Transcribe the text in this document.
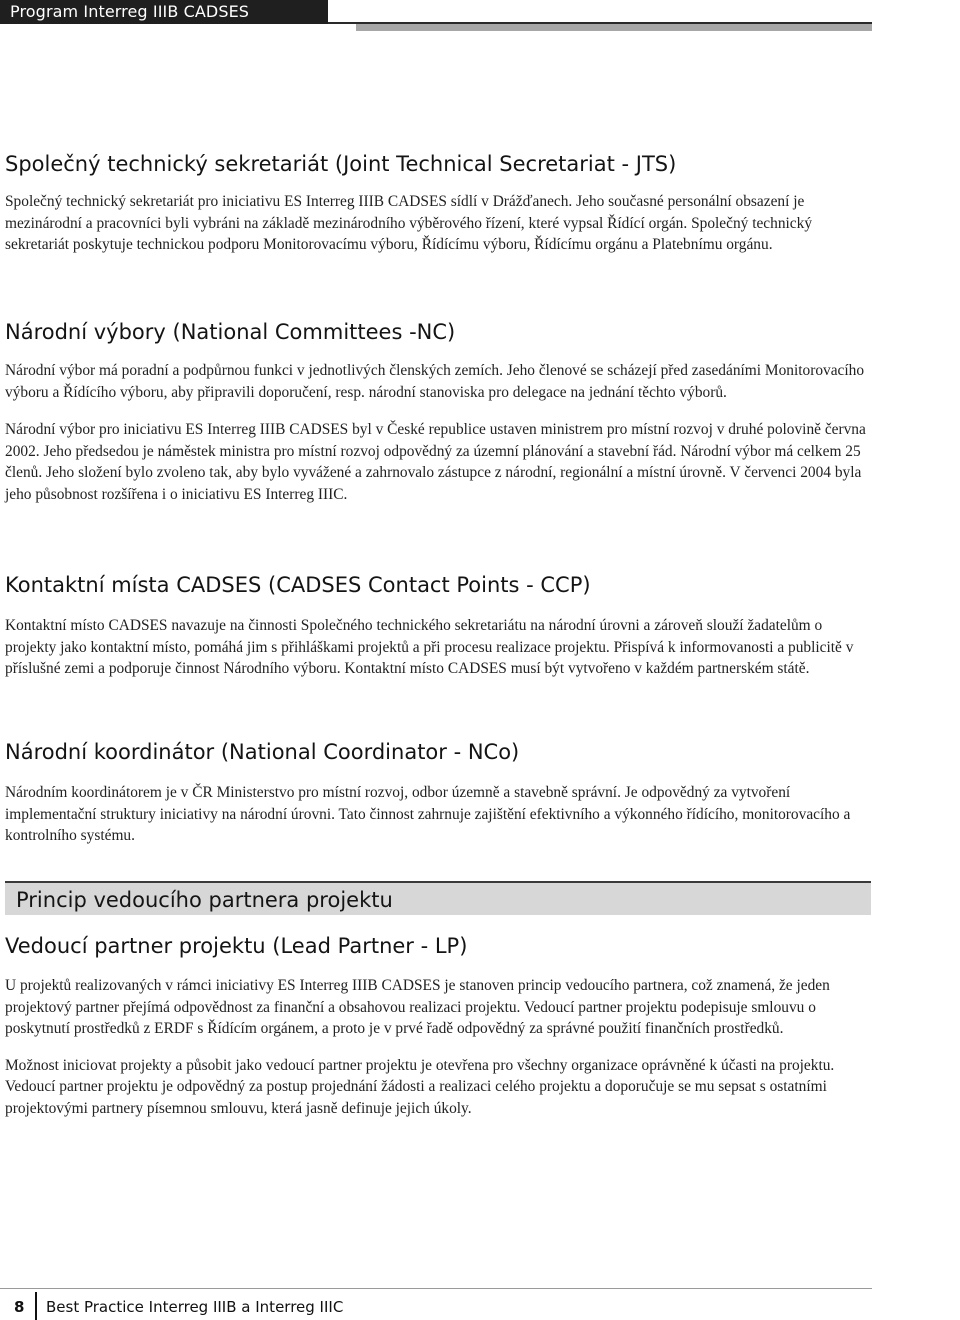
Program Interreg IIIB CADSES
Společný technický sekretariát (Joint Technical Secretariat - JTS)

Společný technický sekretariát pro iniciativu ES Interreg IIIB CADSES sídlí v Drážďanech. Jeho současné personální obsazení je mezinárodní a pracovníci byli vybráni na základě mezinárodního výběrového řízení, které vypsal Řídící orgán. Společný technický sekretariát poskytuje technickou podporu Monitorovacímu výboru, Řídícímu výboru, Řídícímu orgánu a Platebnímu orgánu.

Národní výbory (National Committees -NC)

Národní výbor má poradní a podpůrnou funkci v jednotlivých členských zemích. Jeho členové se scházejí před zasedáními Monitorovacího výboru a Řídícího výboru, aby připravili doporučení, resp. národní stanoviska pro delegace na jednání těchto výborů.

Národní výbor pro iniciativu ES Interreg IIIB CADSES byl v České republice ustaven ministrem pro místní rozvoj v druhé polovině června 2002. Jeho předsedou je náměstek ministra pro místní rozvoj odpovědný za územní plánování a stavební řád. Národní výbor má celkem 25 členů. Jeho složení bylo zvoleno tak, aby bylo vyvážené a zahrnovalo zástupce z národní, regionální a místní úrovně. V červenci 2004 byla jeho působnost rozšířena i o iniciativu ES Interreg IIIC.

Kontaktní místa CADSES (CADSES Contact Points - CCP)

Kontaktní místo CADSES navazuje na činnosti Společného technického sekretariátu na národní úrovni a zároveň slouží žadatelům o projekty jako kontaktní místo, pomáhá jim s přihláškami projektů a při procesu realizace projektu. Přispívá k informovanosti a publicitě v příslušné zemi a podporuje činnost Národního výboru. Kontaktní místo CADSES musí být vytvořeno v každém partnerském státě.

Národní koordinátor (National Coordinator - NCo)

Národním koordinátorem je v ČR Ministerstvo pro místní rozvoj, odbor územně a stavebně správní. Je odpovědný za vytvoření implementační struktury iniciativy na národní úrovni. Tato činnost zahrnuje zajištění efektivního a výkonného řídícího, monitorovacího a kontrolního systému.

Princip vedoucího partnera projektu
Vedoucí partner projektu (Lead Partner - LP)

U projektů realizovaných v rámci iniciativy ES Interreg IIIB CADSES je stanoven princip vedoucího partnera, což znamená, že jeden projektový partner přejímá odpovědnost za finanční a obsahovou realizaci projektu. Vedoucí partner projektu podepisuje smlouvu o poskytnutí prostředků z ERDF s Řídícím orgánem, a proto je v prvé řadě odpovědný za správné použití finančních prostředků.

Možnost iniciovat projekty a působit jako vedoucí partner projektu je otevřena pro všechny organizace oprávněné k účasti na projektu. Vedoucí partner projektu je odpovědný za postup projednání žádosti a realizaci celého projektu a doporučuje se mu sepsat s ostatními projektovými partnery písemnou smlouvu, která jasně definuje jejich úkoly.

8 Best Practice Interreg IIIB a Interreg IIIC
